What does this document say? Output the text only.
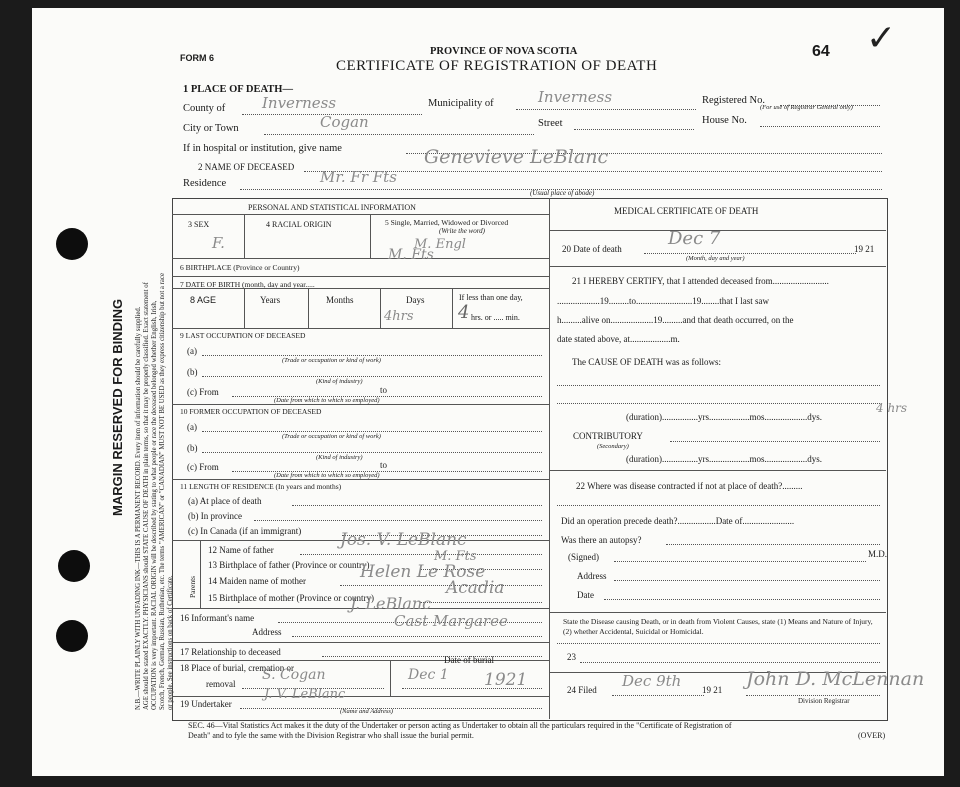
MARGIN RESERVED FOR BINDING N.B.—WRITE PLAINLY WITH UNFADING INK—THIS IS A PERMANENT RECORD. Every item of information should be carefully supplied. AGE should be stated EXACTLY. PHYSICIANS should STATE CAUSE OF DEATH in plain terms, so that it may be properly classified. Exact statement of OCCUPATION is very important. RACIAL ORIGIN will be described by stating to what people or race the deceased belonged whether English, Irish, Scotch, French, German, Russian, Ruthenian, etc. The terms "AMERICAN" or "CANADIAN" MUST NOT BE USED as they express citizenship but not a race or people. See instructions on back of Certificate.
FORM 6
PROVINCE OF NOVA SCOTIA
CERTIFICATE OF REGISTRATION OF DEATH
64 ✓
1 PLACE OF DEATH—
County of Inverness	Municipality of	Inverness	Registered No.
(For use of Registrar General only)
City or Town	Cogan	Street	House No.
If in hospital or institution, give name
2 NAME OF DECEASED	Genevieve LeBlanc
Residence	Mr. Fr Fts
(Usual place of abode)
PERSONAL AND STATISTICAL INFORMATION	MEDICAL CERTIFICATE OF DEATH
3 SEX
F.
4 RACIAL ORIGIN	5 Single, Married, Widowed or Divorced
(Write the word)
M. Engl
6 BIRTHPLACE (Province or Country)
M. Fts
7 DATE OF BIRTH (month, day and year.....
8 AGE	Years	Months	Days
4hrs
If less than one day,
hrs. or ..... min.
4
9 LAST OCCUPATION OF DECEASED
(a)
(Trade or occupation or kind of work)
(b)
(Kind of industry)
(c) From	to
(Date from which to which so employed)
10 FORMER OCCUPATION OF DECEASED
(a)
(Trade or occupation or kind of work)
(b)
(Kind of industry)
(c) From	to
(Date from which to which so employed)
11 LENGTH OF RESIDENCE (In years and months)
(a) At place of death
(b) In province
(c) In Canada (if an immigrant)
Parents
12 Name of father	Jos. V. LeBlanc
13 Birthplace of father (Province or country)
M. Fts
14 Maiden name of mother	Helen Le Rose
15 Birthplace of mother (Province or country)	Acadia
16 Informant's name
J. LeBlanc
Address
Cast Margaree
17 Relationship to deceased
18 Place of burial, cremation or
removal
S. Cogan
Date of burial
Dec 1 1921
19 Undertaker
J. V. LeBlanc
(Name and Address)
20 Date of death	Dec 7	19 21
(Month, day and year)
21 I HEREBY CERTIFY, that I attended deceased from.........................
...................19.........to.........................19........that I last saw
h.........alive on...................19.........and that death occurred, on the
date stated above, at..................m.
The CAUSE OF DEATH was as follows:
(duration)................yrs..................mos...................dys.
4 hrs
CONTRIBUTORY
(Secondary)
(duration)................yrs..................mos...................dys.
22 Where was disease contracted if not at place of death?.........
Did an operation precede death?.................Date of.......................
Was there an autopsy?
(Signed)	M.D.
Address
Date
State the Disease causing Death, or in death from Violent Causes, state (1) Means and Nature of Injury, (2) whether Accidental, Suicidal or Homicidal.
23
24 Filed Dec 9th 19 21 John D. McLennan
Division Registrar
SEC. 46—Vital Statistics Act makes it the duty of the Undertaker or person acting as Undertaker to obtain all the particulars required in the "Certificate of Registration of
Death" and to fyle the same with the Division Registrar who shall issue the burial permit.	(OVER)
